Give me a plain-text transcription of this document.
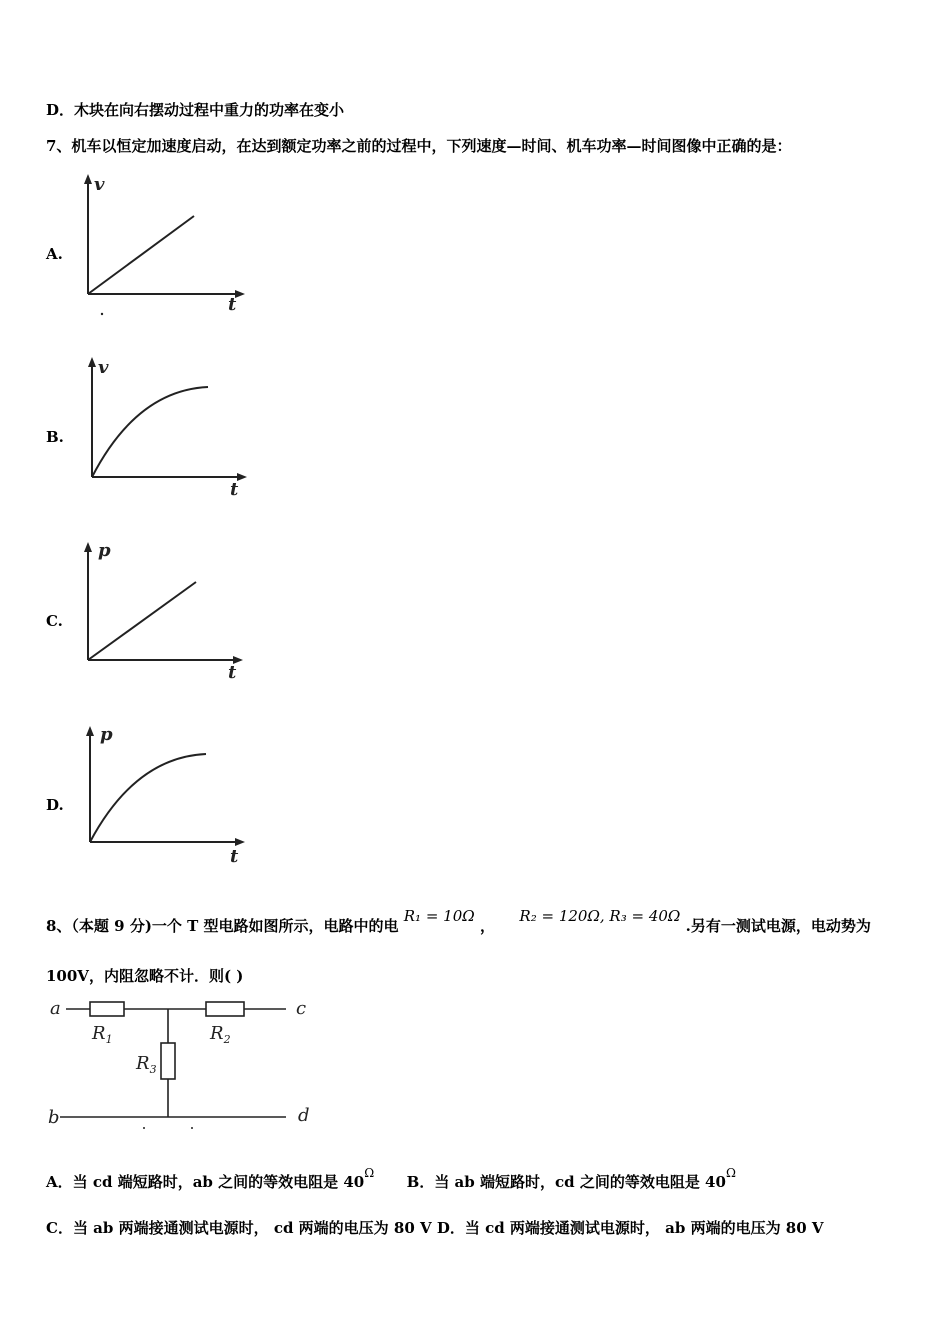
D．木块在向右摆动过程中重力的功率在变小
7、机车以恒定加速度启动，在达到额定功率之前的过程中，下列速度—时间、机车功率—时间图像中正确的是：
A.
v
t
B.
v
t
C.
p
t
D.
p
t
8、（本题 9 分)一个 T 型电路如图所示，电路中的电 R₁ = 10Ω ，  R₂ = 120Ω, R₃ = 40Ω .另有一测试电源，电动势为
100V，内阻忽略不计．则( )
a	c
b	d
$R_1$	$R_2$
$R_3$
A．当 cd 端短路时，ab 之间的等效电阻是 $40^\Omega$ B．当 ab 端短路时，cd 之间的等效电阻是 $40^\Omega$
C．当 ab 两端接通测试电源时， cd 两端的电压为 80 V D．当 cd 两端接通测试电源时， ab 两端的电压为 80 V
